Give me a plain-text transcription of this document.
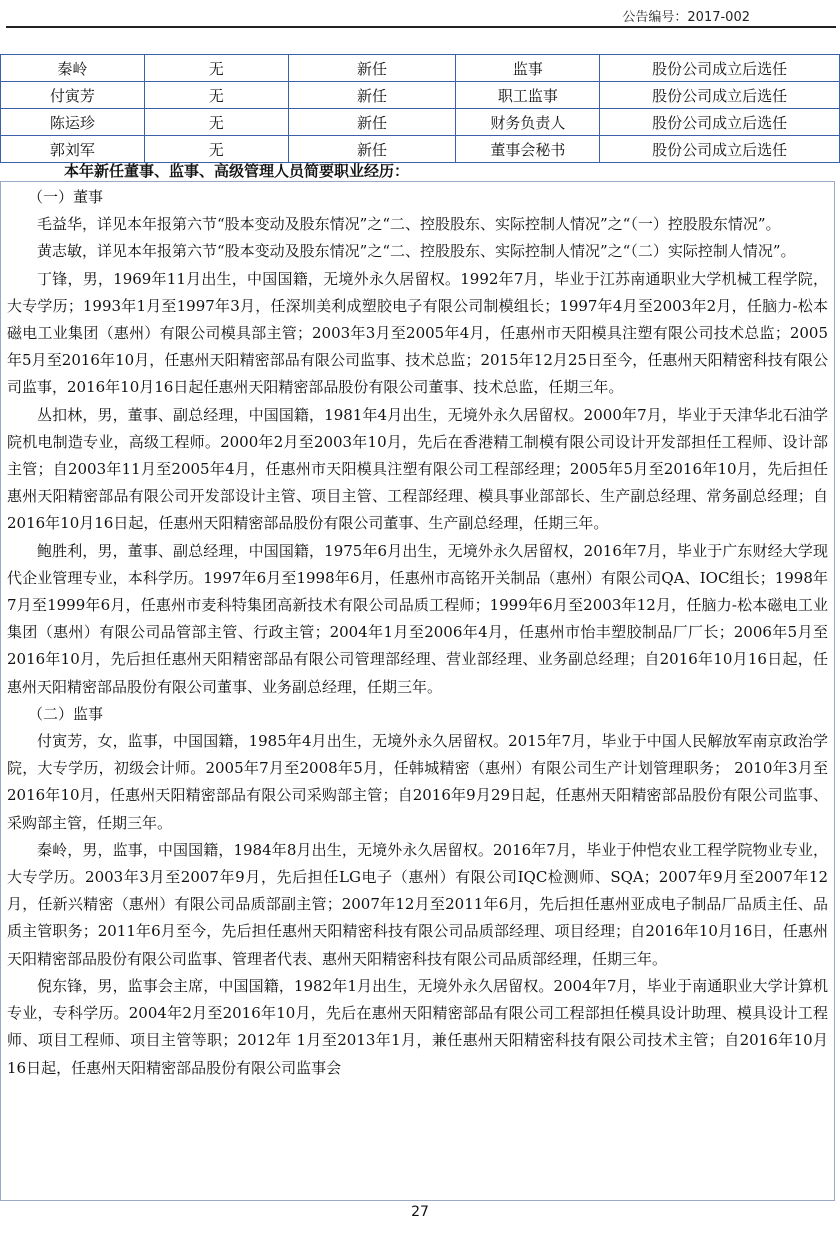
公告编号：2017-002
秦岭	无	新任	监事	股份公司成立后选任
付寅芳	无	新任	职工监事	股份公司成立后选任
陈运珍	无	新任	财务负责人	股份公司成立后选任
郭刘军	无	新任	董事会秘书	股份公司成立后选任
本年新任董事、监事、高级管理人员简要职业经历：

（一）董事

毛益华，详见本年报第六节“股本变动及股东情况”之“二、控股股东、实际控制人情况”之“（一）控股股东情况”。

黄志敏，详见本年报第六节“股本变动及股东情况”之“二、控股股东、实际控制人情况”之“（二）实际控制人情况”。

丁锋，男，1969年11月出生，中国国籍，无境外永久居留权。1992年7月，毕业于江苏南通职业大学机械工程学院，大专学历；1993年1月至1997年3月，任深圳美利成塑胶电子有限公司制模组长；1997年4月至2003年2月，任脑力-松本磁电工业集团（惠州）有限公司模具部主管；2003年3月至2005年4月，任惠州市天阳模具注塑有限公司技术总监；2005年5月至2016年10月，任惠州天阳精密部品有限公司监事、技术总监；2015年12月25日至今，任惠州天阳精密科技有限公司监事，2016年10月16日起任惠州天阳精密部品股份有限公司董事、技术总监，任期三年。

丛扣林，男，董事、副总经理，中国国籍，1981年4月出生，无境外永久居留权。2000年7月，毕业于天津华北石油学院机电制造专业，高级工程师。2000年2月至2003年10月，先后在香港精工制模有限公司设计开发部担任工程师、设计部主管；自2003年11月至2005年4月，任惠州市天阳模具注塑有限公司工程部经理；2005年5月至2016年10月，先后担任惠州天阳精密部品有限公司开发部设计主管、项目主管、工程部经理、模具事业部部长、生产副总经理、常务副总经理；自2016年10月16日起，任惠州天阳精密部品股份有限公司董事、生产副总经理，任期三年。

鲍胜利，男，董事、副总经理，中国国籍，1975年6月出生，无境外永久居留权，2016年7月，毕业于广东财经大学现代企业管理专业，本科学历。1997年6月至1998年6月，任惠州市高铭开关制品（惠州）有限公司QA、IOC组长；1998年7月至1999年6月，任惠州市麦科特集团高新技术有限公司品质工程师；1999年6月至2003年12月，任脑力-松本磁电工业集团（惠州）有限公司品管部主管、行政主管；2004年1月至2006年4月，任惠州市怡丰塑胶制品厂厂长；2006年5月至2016年10月，先后担任惠州天阳精密部品有限公司管理部经理、营业部经理、业务副总经理；自2016年10月16日起，任惠州天阳精密部品股份有限公司董事、业务副总经理，任期三年。

（二）监事

付寅芳，女，监事，中国国籍，1985年4月出生，无境外永久居留权。2015年7月，毕业于中国人民解放军南京政治学院，大专学历，初级会计师。2005年7月至2008年5月，任韩城精密（惠州）有限公司生产计划管理职务； 2010年3月至2016年10月，任惠州天阳精密部品有限公司采购部主管；自2016年9月29日起，任惠州天阳精密部品股份有限公司监事、采购部主管，任期三年。

秦岭，男，监事，中国国籍，1984年8月出生，无境外永久居留权。2016年7月，毕业于仲恺农业工程学院物业专业，大专学历。2003年3月至2007年9月，先后担任LG电子（惠州）有限公司IQC检测师、SQA；2007年9月至2007年12月，任新兴精密（惠州）有限公司品质部副主管；2007年12月至2011年6月，先后担任惠州亚成电子制品厂品质主任、品质主管职务；2011年6月至今，先后担任惠州天阳精密科技有限公司品质部经理、项目经理；自2016年10月16日，任惠州天阳精密部品股份有限公司监事、管理者代表、惠州天阳精密科技有限公司品质部经理，任期三年。

倪东锋，男，监事会主席，中国国籍，1982年1月出生，无境外永久居留权。2004年7月，毕业于南通职业大学计算机专业，专科学历。2004年2月至2016年10月，先后在惠州天阳精密部品有限公司工程部担任模具设计助理、模具设计工程师、项目工程师、项目主管等职；2012年 1月至2013年1月，兼任惠州天阳精密科技有限公司技术主管；自2016年10月16日起，任惠州天阳精密部品股份有限公司监事会

27
